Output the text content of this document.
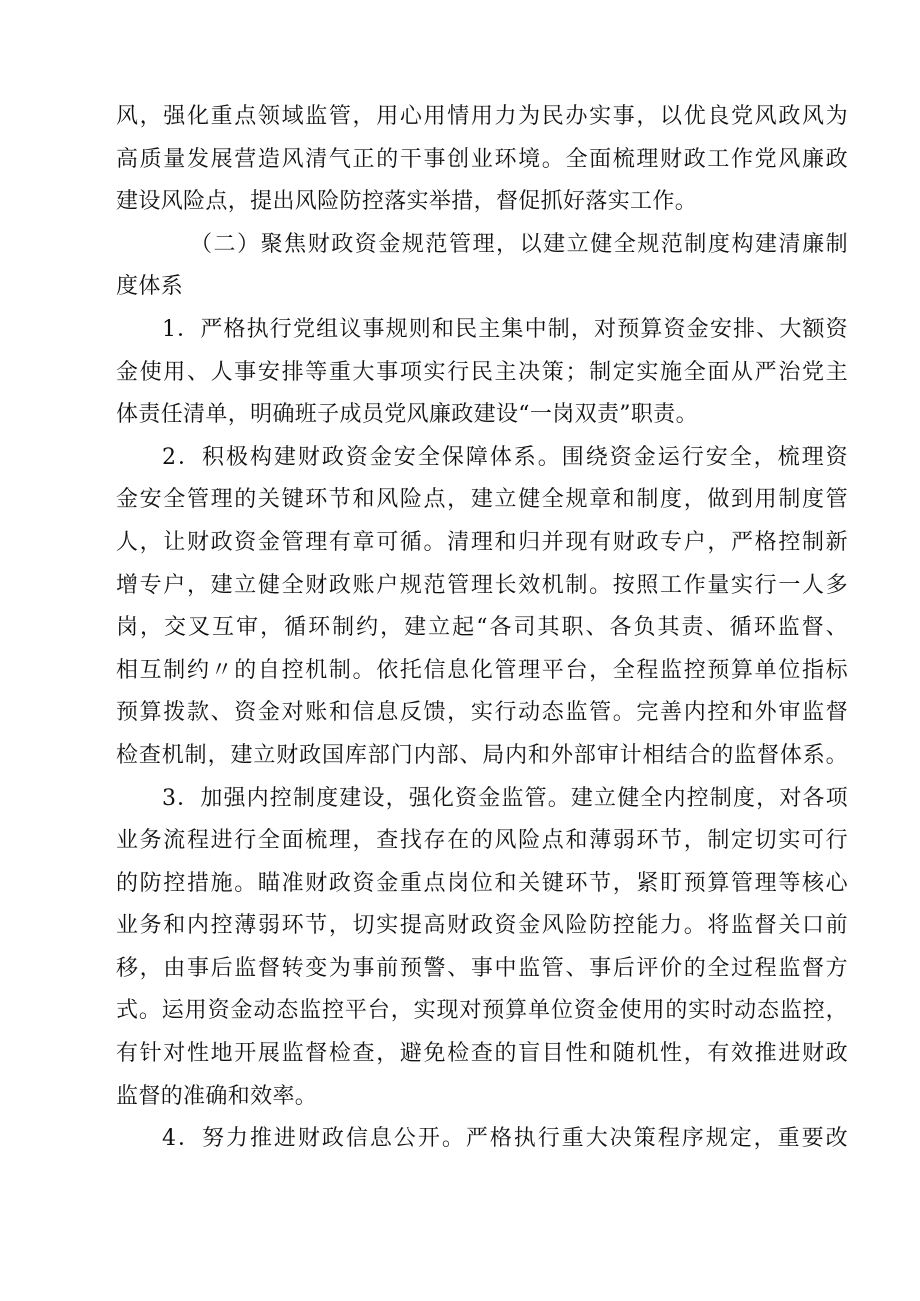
风，强化重点领域监管，用心用情用力为民办实事，以优良党风政风为
高质量发展营造风清气正的干事创业环境。全面梳理财政工作党风廉政
建设风险点，提出风险防控落实举措，督促抓好落实工作。
（二）聚焦财政资金规范管理，以建立健全规范制度构建清廉制
度体系
1．严格执行党组议事规则和民主集中制，对预算资金安排、大额资
金使用、人事安排等重大事项实行民主决策；制定实施全面从严治党主
体责任清单，明确班子成员党风廉政建设“一岗双责”职责。
2．积极构建财政资金安全保障体系。围绕资金运行安全，梳理资
金安全管理的关键环节和风险点，建立健全规章和制度，做到用制度管
人，让财政资金管理有章可循。清理和归并现有财政专户，严格控制新
增专户，建立健全财政账户规范管理长效机制。按照工作量实行一人多
岗，交叉互审，循环制约，建立起“各司其职、各负其责、循环监督、
相互制约〃的自控机制。依托信息化管理平台，全程监控预算单位指标
预算拨款、资金对账和信息反馈，实行动态监管。完善内控和外审监督
检查机制，建立财政国库部门内部、局内和外部审计相结合的监督体系。
3．加强内控制度建设，强化资金监管。建立健全内控制度，对各项
业务流程进行全面梳理，查找存在的风险点和薄弱环节，制定切实可行
的防控措施。瞄准财政资金重点岗位和关键环节，紧盯预算管理等核心
业务和内控薄弱环节，切实提高财政资金风险防控能力。将监督关口前
移，由事后监督转变为事前预警、事中监管、事后评价的全过程监督方
式。运用资金动态监控平台，实现对预算单位资金使用的实时动态监控，
有针对性地开展监督检查，避免检查的盲目性和随机性，有效推进财政
监督的准确和效率。
4．努力推进财政信息公开。严格执行重大决策程序规定，重要改
